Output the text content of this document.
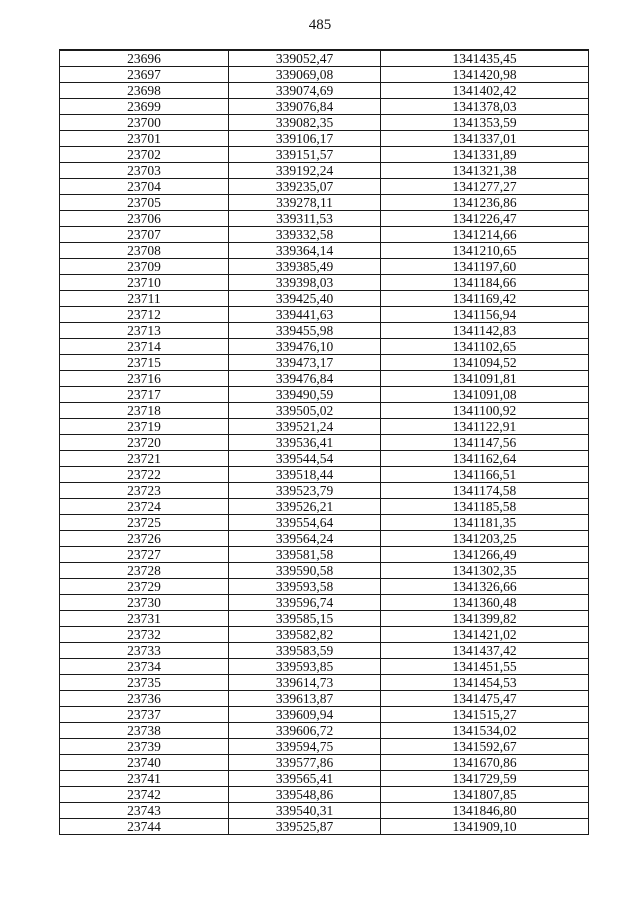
485
23696	339052,47	1341435,45
23697	339069,08	1341420,98
23698	339074,69	1341402,42
23699	339076,84	1341378,03
23700	339082,35	1341353,59
23701	339106,17	1341337,01
23702	339151,57	1341331,89
23703	339192,24	1341321,38
23704	339235,07	1341277,27
23705	339278,11	1341236,86
23706	339311,53	1341226,47
23707	339332,58	1341214,66
23708	339364,14	1341210,65
23709	339385,49	1341197,60
23710	339398,03	1341184,66
23711	339425,40	1341169,42
23712	339441,63	1341156,94
23713	339455,98	1341142,83
23714	339476,10	1341102,65
23715	339473,17	1341094,52
23716	339476,84	1341091,81
23717	339490,59	1341091,08
23718	339505,02	1341100,92
23719	339521,24	1341122,91
23720	339536,41	1341147,56
23721	339544,54	1341162,64
23722	339518,44	1341166,51
23723	339523,79	1341174,58
23724	339526,21	1341185,58
23725	339554,64	1341181,35
23726	339564,24	1341203,25
23727	339581,58	1341266,49
23728	339590,58	1341302,35
23729	339593,58	1341326,66
23730	339596,74	1341360,48
23731	339585,15	1341399,82
23732	339582,82	1341421,02
23733	339583,59	1341437,42
23734	339593,85	1341451,55
23735	339614,73	1341454,53
23736	339613,87	1341475,47
23737	339609,94	1341515,27
23738	339606,72	1341534,02
23739	339594,75	1341592,67
23740	339577,86	1341670,86
23741	339565,41	1341729,59
23742	339548,86	1341807,85
23743	339540,31	1341846,80
23744	339525,87	1341909,10
